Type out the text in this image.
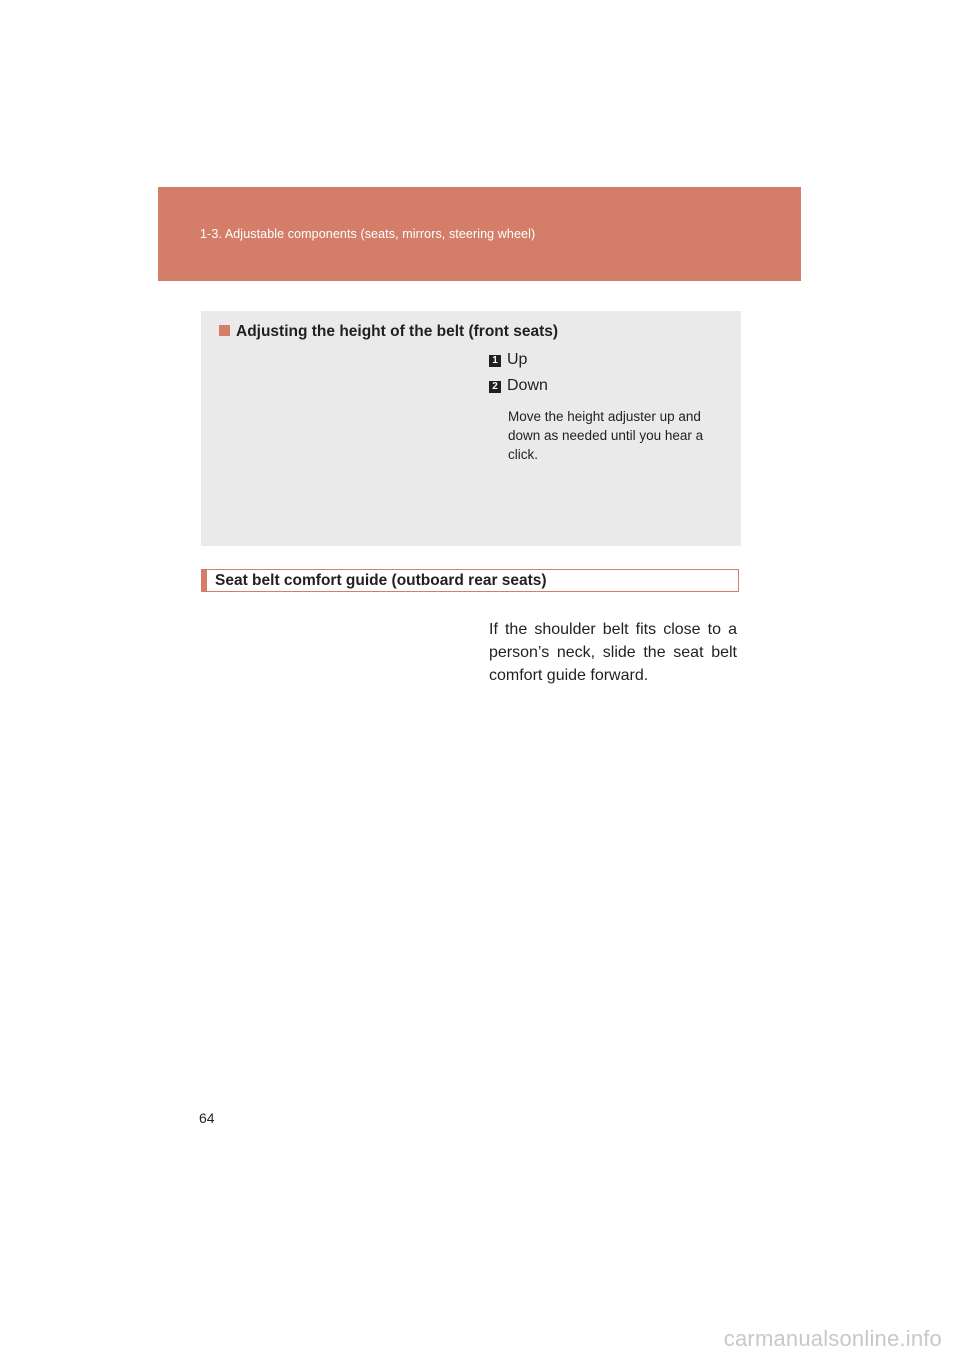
1-3. Adjustable components (seats, mirrors, steering wheel)
Adjusting the height of the belt (front seats)
1 Up
2 Down
Move the height adjuster up and down as needed until you hear a click.
Seat belt comfort guide (outboard rear seats)
If the shoulder belt fits close to a person’s neck, slide the seat belt comfort guide forward.
64
carmanualsonline.info
